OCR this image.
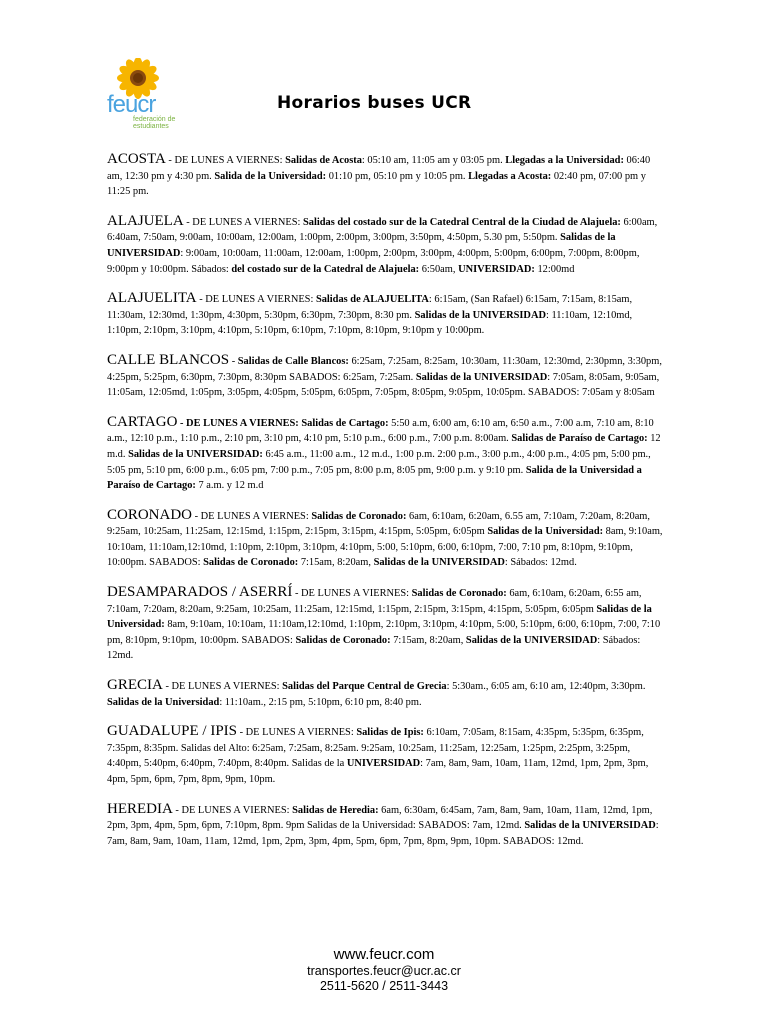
feucr
federación de estudiantes
Horarios buses UCR
ACOSTA - DE LUNES A VIERNES: Salidas de Acosta: 05:10 am, 11:05 am y 03:05 pm. Llegadas a la Universidad: 06:40 am, 12:30 pm y 4:30 pm. Salida de la Universidad: 01:10 pm, 05:10 pm y 10:05 pm. Llegadas a Acosta: 02:40 pm, 07:00 pm y 11:25 pm.
ALAJUELA - DE LUNES A VIERNES: Salidas del costado sur de la Catedral Central de la Ciudad de Alajuela: 6:00am, 6:40am, 7:50am, 9:00am, 10:00am, 12:00am, 1:00pm, 2:00pm, 3:00pm, 3:50pm, 4:50pm, 5.30 pm, 5:50pm. Salidas de la UNIVERSIDAD: 9:00am, 10:00am, 11:00am, 12:00am, 1:00pm, 2:00pm, 3:00pm, 4:00pm, 5:00pm, 6:00pm, 7:00pm, 8:00pm, 9:00pm y 10:00pm. Sábados: del costado sur de la Catedral de Alajuela: 6:50am, UNIVERSIDAD: 12:00md
ALAJUELITA - DE LUNES A VIERNES: Salidas de ALAJUELITA: 6:15am, (San Rafael) 6:15am, 7:15am, 8:15am, 11:30am, 12:30md, 1:30pm, 4:30pm, 5:30pm, 6:30pm, 7:30pm, 8:30 pm. Salidas de la UNIVERSIDAD: 11:10am, 12:10md, 1:10pm, 2:10pm, 3:10pm, 4:10pm, 5:10pm, 6:10pm, 7:10pm, 8:10pm, 9:10pm y 10:00pm.
CALLE BLANCOS - Salidas de Calle Blancos: 6:25am, 7:25am, 8:25am, 10:30am, 11:30am, 12:30md, 2:30pmn, 3:30pm, 4:25pm, 5:25pm, 6:30pm, 7:30pm, 8:30pm SABADOS: 6:25am, 7:25am. Salidas de la UNIVERSIDAD: 7:05am, 8:05am, 9:05am, 11:05am, 12:05md, 1:05pm, 3:05pm, 4:05pm, 5:05pm, 6:05pm, 7:05pm, 8:05pm, 9:05pm, 10:05pm. SABADOS: 7:05am y 8:05am
CARTAGO - DE LUNES A VIERNES: Salidas de Cartago: 5:50 a.m, 6:00 am, 6:10 am, 6:50 a.m., 7:00 a.m, 7:10 am, 8:10 a.m., 12:10 p.m., 1:10 p.m., 2:10 pm, 3:10 pm, 4:10 pm, 5:10 p.m., 6:00 p.m., 7:00 p.m. 8:00am. Salidas de Paraíso de Cartago: 12 m.d. Salidas de la UNIVERSIDAD: 6:45 a.m., 11:00 a.m., 12 m.d., 1:00 p.m. 2:00 p.m., 3:00 p.m., 4:00 p.m., 4:05 pm, 5:00 pm., 5:05 pm, 5:10 pm, 6:00 p.m., 6:05 pm, 7:00 p.m., 7:05 pm, 8:00 p.m, 8:05 pm, 9:00 p.m. y 9:10 pm. Salida de la Universidad a Paraíso de Cartago: 7 a.m. y 12 m.d
CORONADO - DE LUNES A VIERNES: Salidas de Coronado: 6am, 6:10am, 6:20am, 6.55 am, 7:10am, 7:20am, 8:20am, 9:25am, 10:25am, 11:25am, 12:15md, 1:15pm, 2:15pm, 3:15pm, 4:15pm, 5:05pm, 6:05pm Salidas de la Universidad: 8am, 9:10am, 10:10am, 11:10am,12:10md, 1:10pm, 2:10pm, 3:10pm, 4:10pm, 5:00, 5:10pm, 6:00, 6:10pm, 7:00, 7:10 pm, 8:10pm, 9:10pm, 10:00pm. SABADOS: Salidas de Coronado: 7:15am, 8:20am, Salidas de la UNIVERSIDAD: Sábados: 12md.
DESAMPARADOS / ASERRÍ - DE LUNES A VIERNES: Salidas de Coronado: 6am, 6:10am, 6:20am, 6:55 am, 7:10am, 7:20am, 8:20am, 9:25am, 10:25am, 11:25am, 12:15md, 1:15pm, 2:15pm, 3:15pm, 4:15pm, 5:05pm, 6:05pm Salidas de la Universidad: 8am, 9:10am, 10:10am, 11:10am,12:10md, 1:10pm, 2:10pm, 3:10pm, 4:10pm, 5:00, 5:10pm, 6:00, 6:10pm, 7:00, 7:10 pm, 8:10pm, 9:10pm, 10:00pm. SABADOS: Salidas de Coronado: 7:15am, 8:20am, Salidas de la UNIVERSIDAD: Sábados: 12md.
GRECIA - DE LUNES A VIERNES: Salidas del Parque Central de Grecia: 5:30am., 6:05 am, 6:10 am, 12:40pm, 3:30pm. Salidas de la Universidad: 11:10am., 2:15 pm, 5:10pm, 6:10 pm, 8:40 pm.
GUADALUPE / IPIS - DE LUNES A VIERNES: Salidas de Ipis: 6:10am, 7:05am, 8:15am, 4:35pm, 5:35pm, 6:35pm, 7:35pm, 8:35pm. Salidas del Alto: 6:25am, 7:25am, 8:25am. 9:25am, 10:25am, 11:25am, 12:25am, 1:25pm, 2:25pm, 3:25pm, 4:40pm, 5:40pm, 6:40pm, 7:40pm, 8:40pm. Salidas de la UNIVERSIDAD: 7am, 8am, 9am, 10am, 11am, 12md, 1pm, 2pm, 3pm, 4pm, 5pm, 6pm, 7pm, 8pm, 9pm, 10pm.
HEREDIA - DE LUNES A VIERNES: Salidas de Heredia: 6am, 6:30am, 6:45am, 7am, 8am, 9am, 10am, 11am, 12md, 1pm, 2pm, 3pm, 4pm, 5pm, 6pm, 7:10pm, 8pm. 9pm Salidas de la Universidad: SABADOS: 7am, 12md. Salidas de la UNIVERSIDAD: 7am, 8am, 9am, 10am, 11am, 12md, 1pm, 2pm, 3pm, 4pm, 5pm, 6pm, 7pm, 8pm, 9pm, 10pm. SABADOS: 12md.
www.feucr.com
transportes.feucr@ucr.ac.cr
2511-5620 / 2511-3443
